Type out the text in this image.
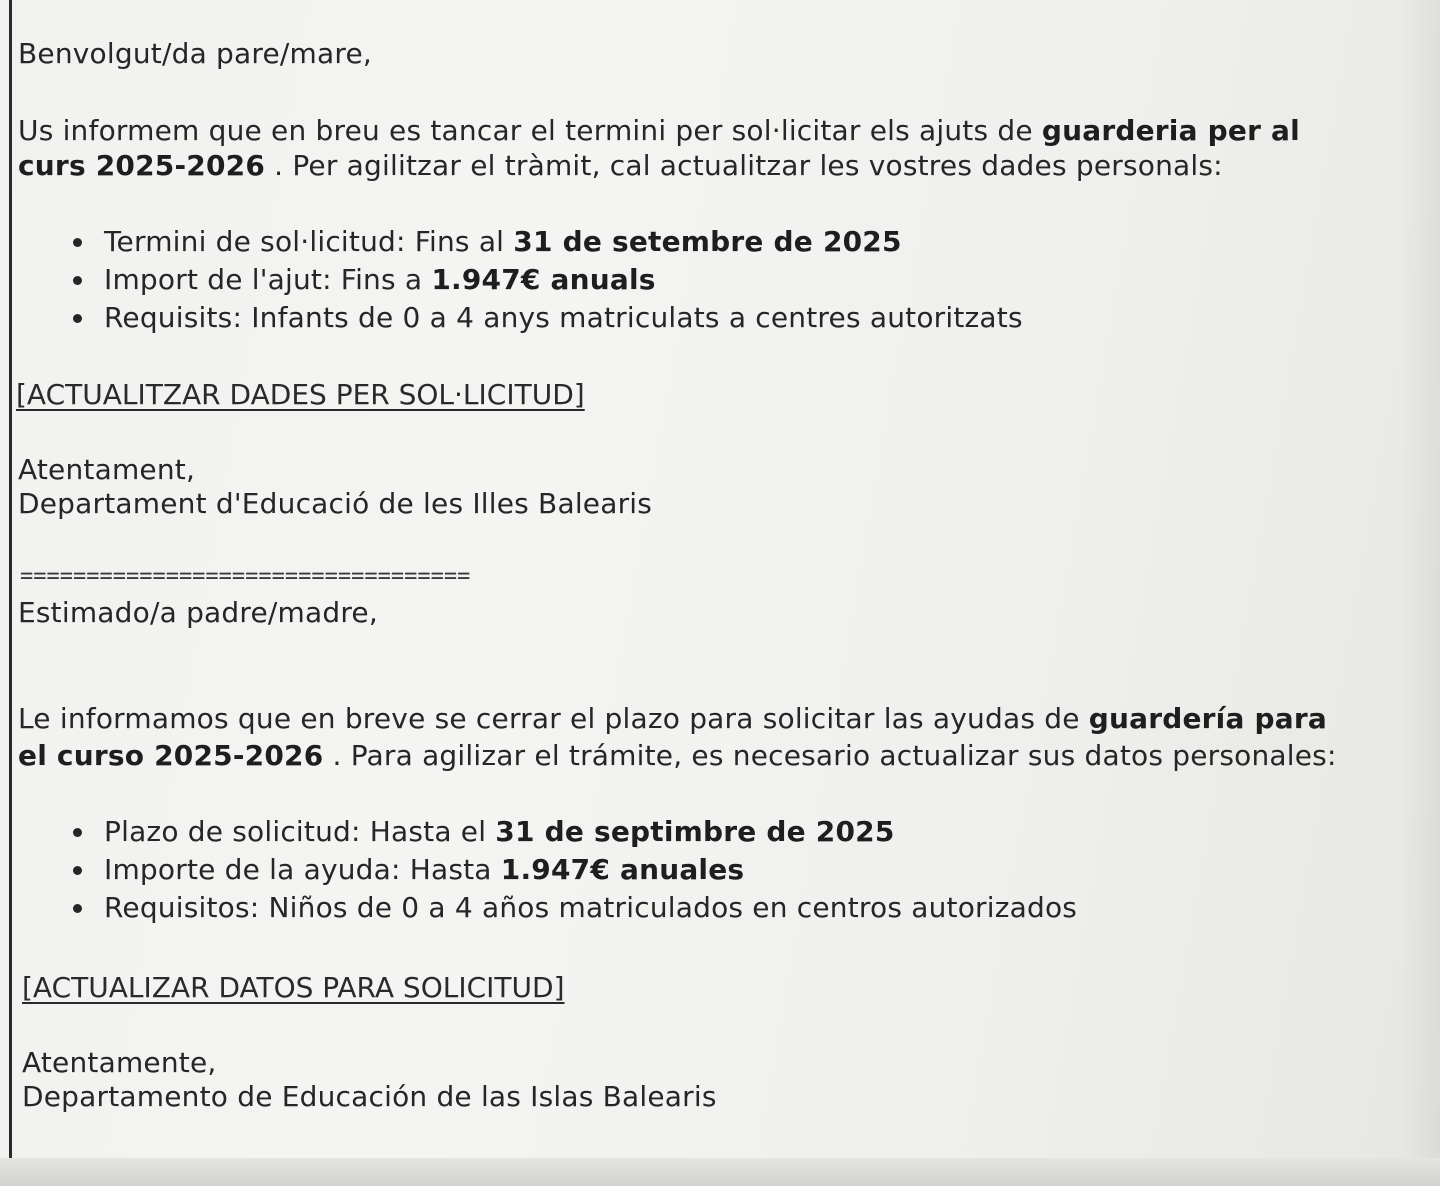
Benvolgut/da pare/mare,

Us informem que en breu es tancar el termini per sol·licitar els ajuts de guarderia per al

curs 2025-2026 . Per agilitzar el tràmit, cal actualitzar les vostres dades personals:

Termini de sol·licitud: Fins al 31 de setembre de 2025
Import de l'ajut: Fins a 1.947€ anuals
Requisits: Infants de 0 a 4 anys matriculats a centres autoritzats
[ACTUALITZAR DADES PER SOL·LICITUD]

Atentament,

Departament d'Educació de les Illes Balearis

==================================

Estimado/a padre/madre,

Le informamos que en breve se cerrar el plazo para solicitar las ayudas de guardería para

el curso 2025-2026 . Para agilizar el trámite, es necesario actualizar sus datos personales:

Plazo de solicitud: Hasta el 31 de septimbre de 2025
Importe de la ayuda: Hasta 1.947€ anuales
Requisitos: Niños de 0 a 4 años matriculados en centros autorizados
[ACTUALIZAR DATOS PARA SOLICITUD]

Atentamente,

Departamento de Educación de las Islas Balearis
